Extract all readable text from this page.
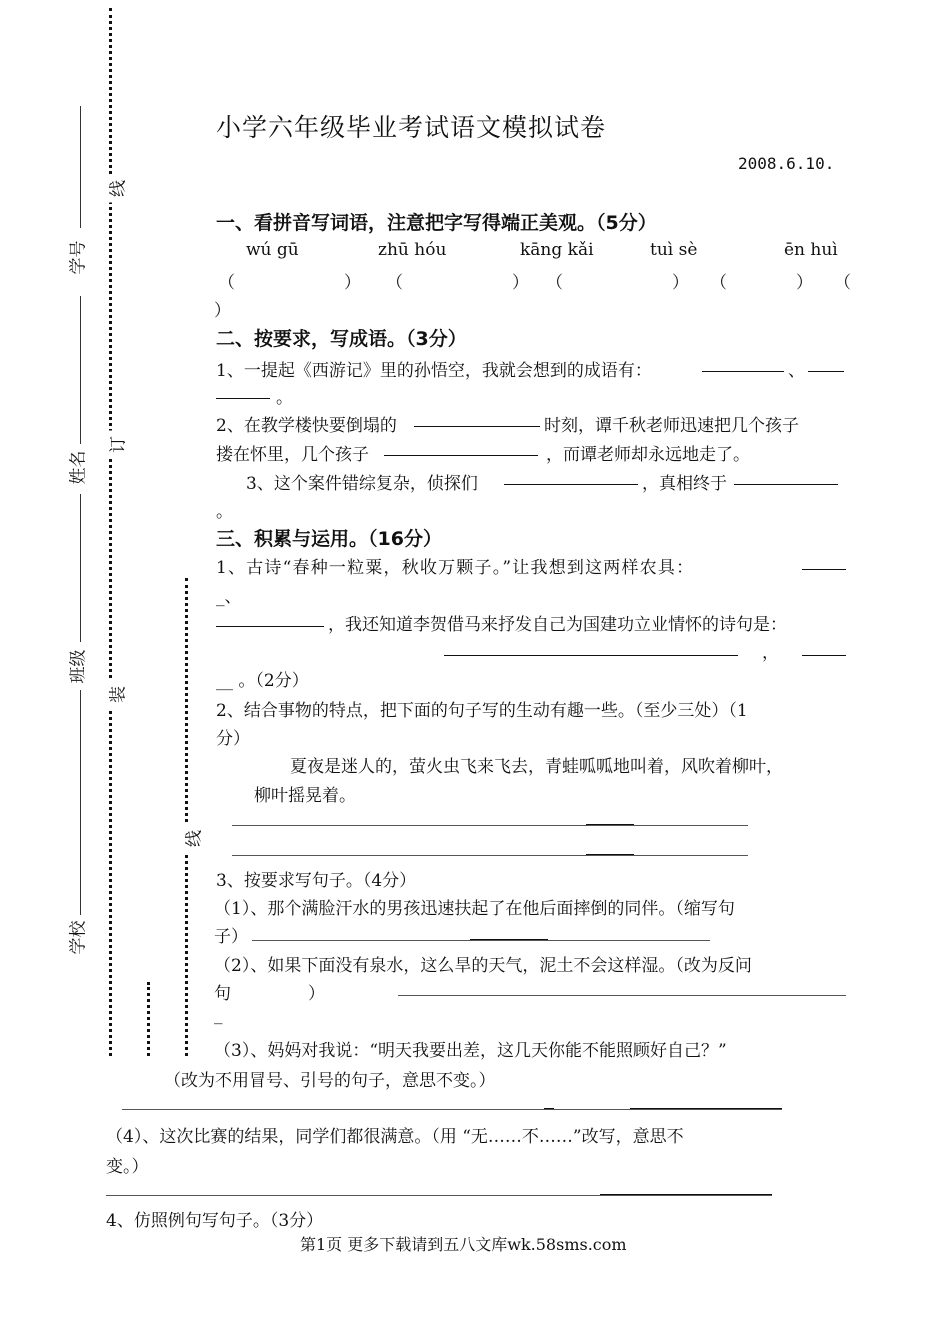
学号
姓名
班级
学校
线
订
装
线
小学六年级毕业考试语文模拟试卷
2008.6.10.
一、看拼音写词语，注意把字写得端正美观。（5分）
wú gū	zhū hóu	kāng kǎi	tuì sè	ēn huì
（	） （	） （	） （	） （
）
二、按要求，写成语。（3分）
1、一提起《西游记》里的孙悟空，我就会想到的成语有：	、
。
2、在教学楼快要倒塌的	时刻，谭千秋老师迅速把几个孩子
搂在怀里，几个孩子	，而谭老师却永远地走了。
3、这个案件错综复杂，侦探们	，真相终于
。
三、积累与运用。（16分）
1、古诗“春种一粒粟，秋收万颗子。”让我想到这两样农具：
_、
，我还知道李贺借马来抒发自己为国建功立业情怀的诗句是：
，
__ 。（2分）
2、结合事物的特点，把下面的句子写的生动有趣一些。（至少三处）（1
分）
夏夜是迷人的，萤火虫飞来飞去，青蛙呱呱地叫着，风吹着柳叶，
柳叶摇晃着。
3、按要求写句子。（4分）
（1）、那个满脸汗水的男孩迅速扶起了在他后面摔倒的同伴。（缩写句
子）
（2）、如果下面没有泉水，这么旱的天气，泥土不会这样湿。（改为反问
句	）
_
（3）、妈妈对我说：“明天我要出差，这几天你能不能照顾好自己？”
（改为不用冒号、引号的句子，意思不变。）
（4）、这次比赛的结果，同学们都很满意。（用 “无……不……”改写，意思不
变。）
4、仿照例句写句子。（3分）
第1页 更多下载请到五八文库wk.58sms.com
